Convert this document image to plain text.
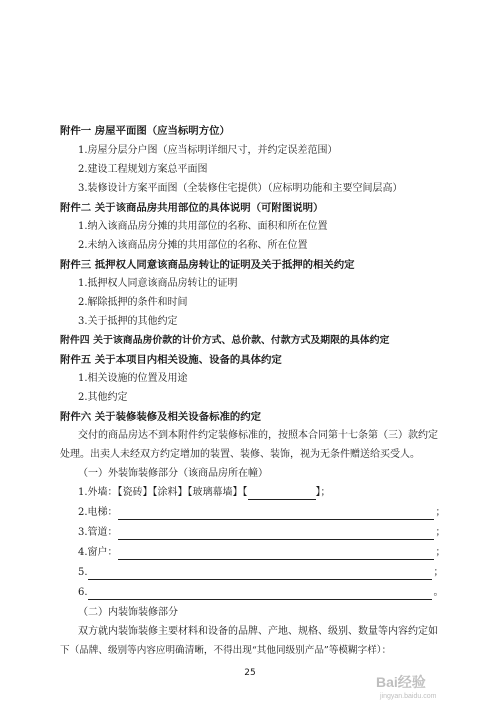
附件一 房屋平面图（应当标明方位）
1.房屋分层分户图（应当标明详细尺寸，并约定误差范围）
2.建设工程规划方案总平面图
3.装修设计方案平面图（全装修住宅提供）（应标明功能和主要空间层高）
附件二 关于该商品房共用部位的具体说明（可附图说明）
1.纳入该商品房分摊的共用部位的名称、面积和所在位置
2.未纳入该商品房分摊的共用部位的名称、所在位置
附件三 抵押权人同意该商品房转让的证明及关于抵押的相关约定
1.抵押权人同意该商品房转让的证明
2.解除抵押的条件和时间
3.关于抵押的其他约定
附件四 关于该商品房价款的计价方式、总价款、付款方式及期限的具体约定
附件五 关于本项目内相关设施、设备的具体约定
1.相关设施的位置及用途
2.其他约定
附件六 关于装修装修及相关设备标准的约定
交付的商品房达不到本附件约定装修标准的，按照本合同第十七条第（三）款约定
处理。出卖人未经双方约定增加的装置、装修、装饰，视为无条件赠送给买受人。
（一）外装饰装修部分（该商品房所在幢）
1.外墙：【瓷砖】【涂料】【玻璃幕墙】【	】；
2.电梯：	；
3.管道：	；
4.窗户：	；
5.	；
6.	。
（二）内装饰装修部分
双方就内装饰装修主要材料和设备的品牌、产地、规格、级别、数量等内容约定如
下（品牌、级别等内容应明确清晰，不得出现“其他同级别产品”等模糊字样）：
25
Bai经验
jingyan.baidu.com
